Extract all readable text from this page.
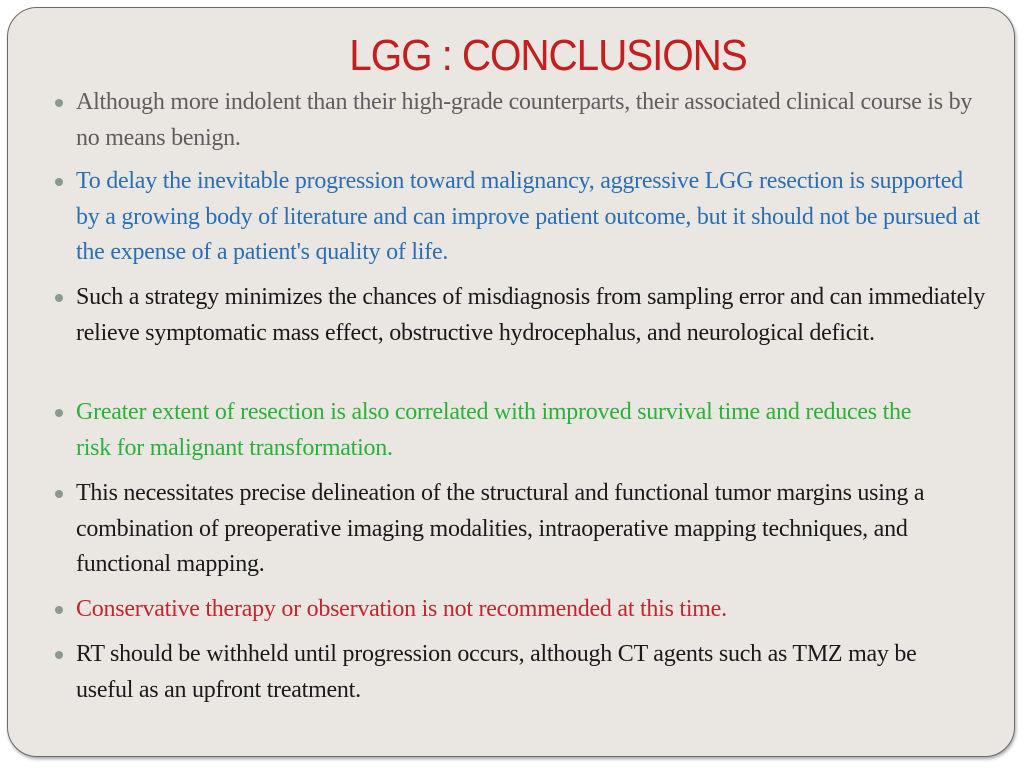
LGG : CONCLUSIONS
Although more indolent than their high-grade counterparts, their associated clinical course is by no means benign.
To delay the inevitable progression toward malignancy, aggressive LGG resection is supported by a growing body of literature and can improve patient outcome, but it should not be pursued at the expense of a patient's quality of life.
Such a strategy minimizes the chances of misdiagnosis from sampling error and can immediately relieve symptomatic mass effect, obstructive hydrocephalus, and neurological deficit.
Greater extent of resection is also correlated with improved survival time and reduces the risk for malignant transformation.
This necessitates precise delineation of the structural and functional tumor margins using a combination of preoperative imaging modalities, intraoperative mapping techniques, and functional mapping.
Conservative therapy or observation is not recommended at this time.
RT should be withheld until progression occurs, although CT agents such as TMZ may be useful as an upfront treatment.
